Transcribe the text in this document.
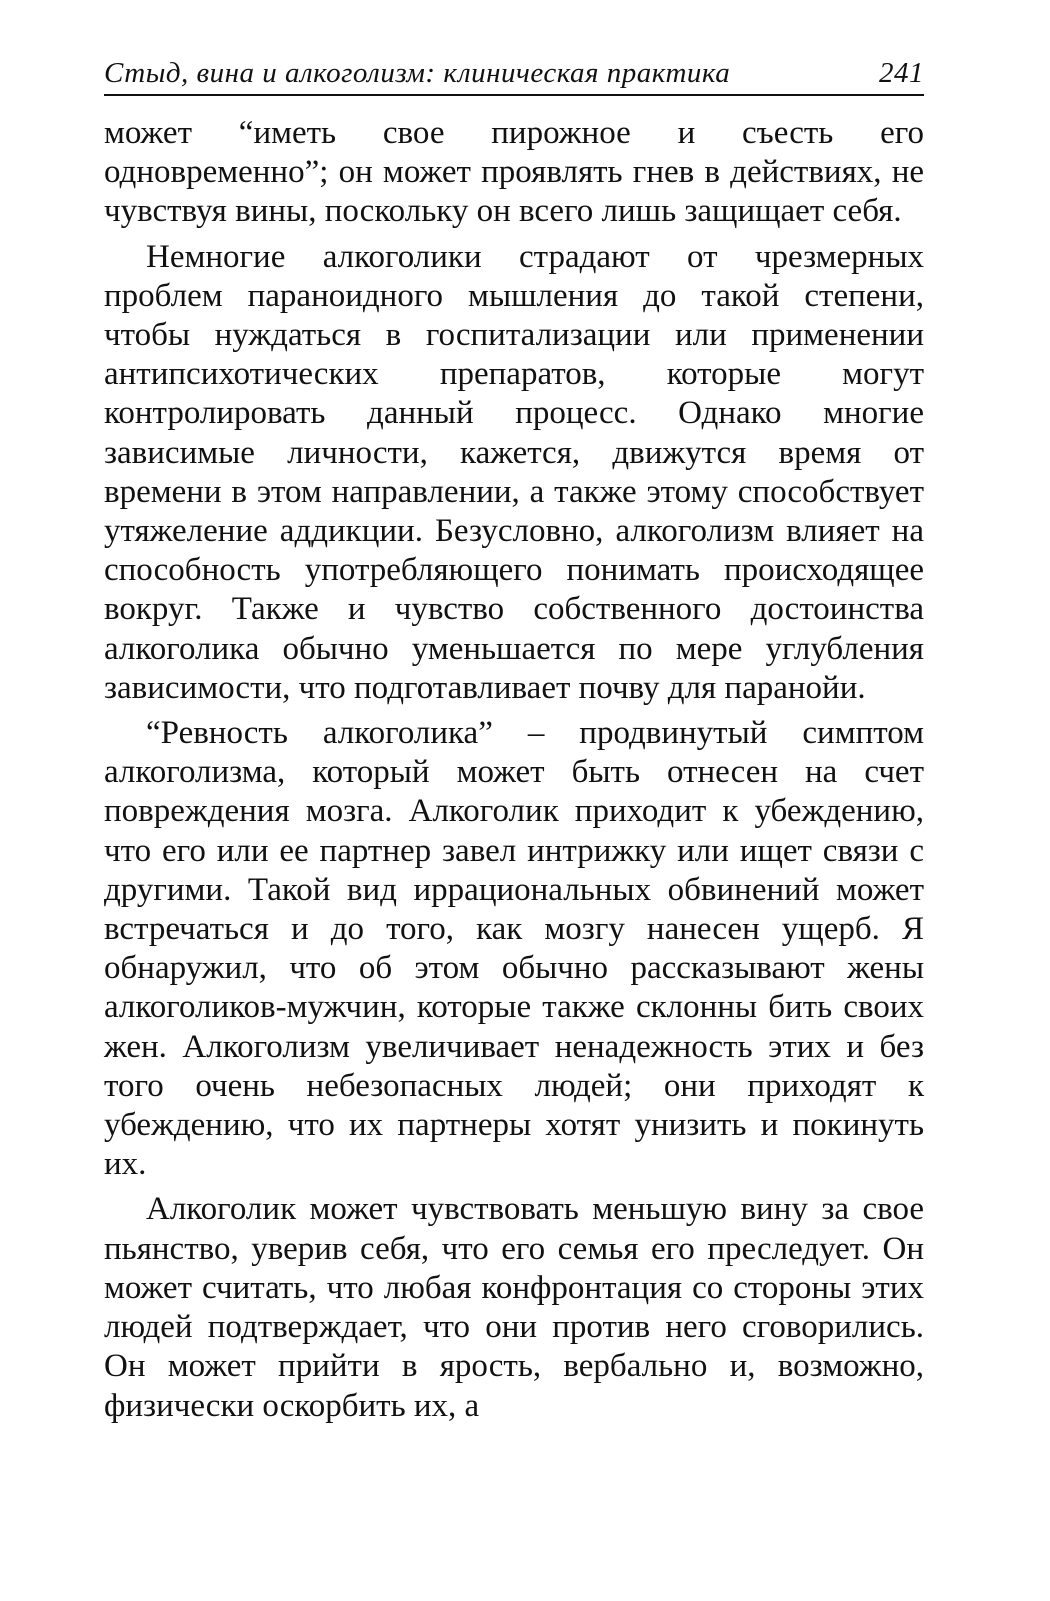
Стыд, вина и алкоголизм: клиническая практика	241

может “иметь свое пирожное и съесть его одновременно”; он может проявлять гнев в действиях, не чувствуя вины, поскольку он всего лишь защищает себя.

Немногие алкоголики страдают от чрезмерных проблем параноидного мышления до такой степени, чтобы нуждаться в госпитализации или применении антипсихотических препаратов, которые могут контролировать данный процесс. Однако многие зависимые личности, кажется, движутся время от времени в этом направлении, а также этому способствует утяжеление аддикции. Безусловно, алкоголизм влияет на способность употребляющего понимать происходящее вокруг. Также и чувство собственного достоинства алкоголика обычно уменьшается по мере углубления зависимости, что подготавливает почву для паранойи.

“Ревность алкоголика” – продвинутый симптом алкоголизма, который может быть отнесен на счет повреждения мозга. Алкоголик приходит к убеждению, что его или ее партнер завел интрижку или ищет связи с другими. Такой вид иррациональных обвинений может встречаться и до того, как мозгу нанесен ущерб. Я обнаружил, что об этом обычно рассказывают жены алкоголиков-мужчин, которые также склонны бить своих жен. Алкоголизм увеличивает ненадежность этих и без того очень небезопасных людей; они приходят к убеждению, что их партнеры хотят унизить и покинуть их.

Алкоголик может чувствовать меньшую вину за свое пьянство, уверив себя, что его семья его преследует. Он может считать, что любая конфронтация со стороны этих людей подтверждает, что они против него сговорились. Он может прийти в ярость, вербально и, возможно, физически оскорбить их, а
